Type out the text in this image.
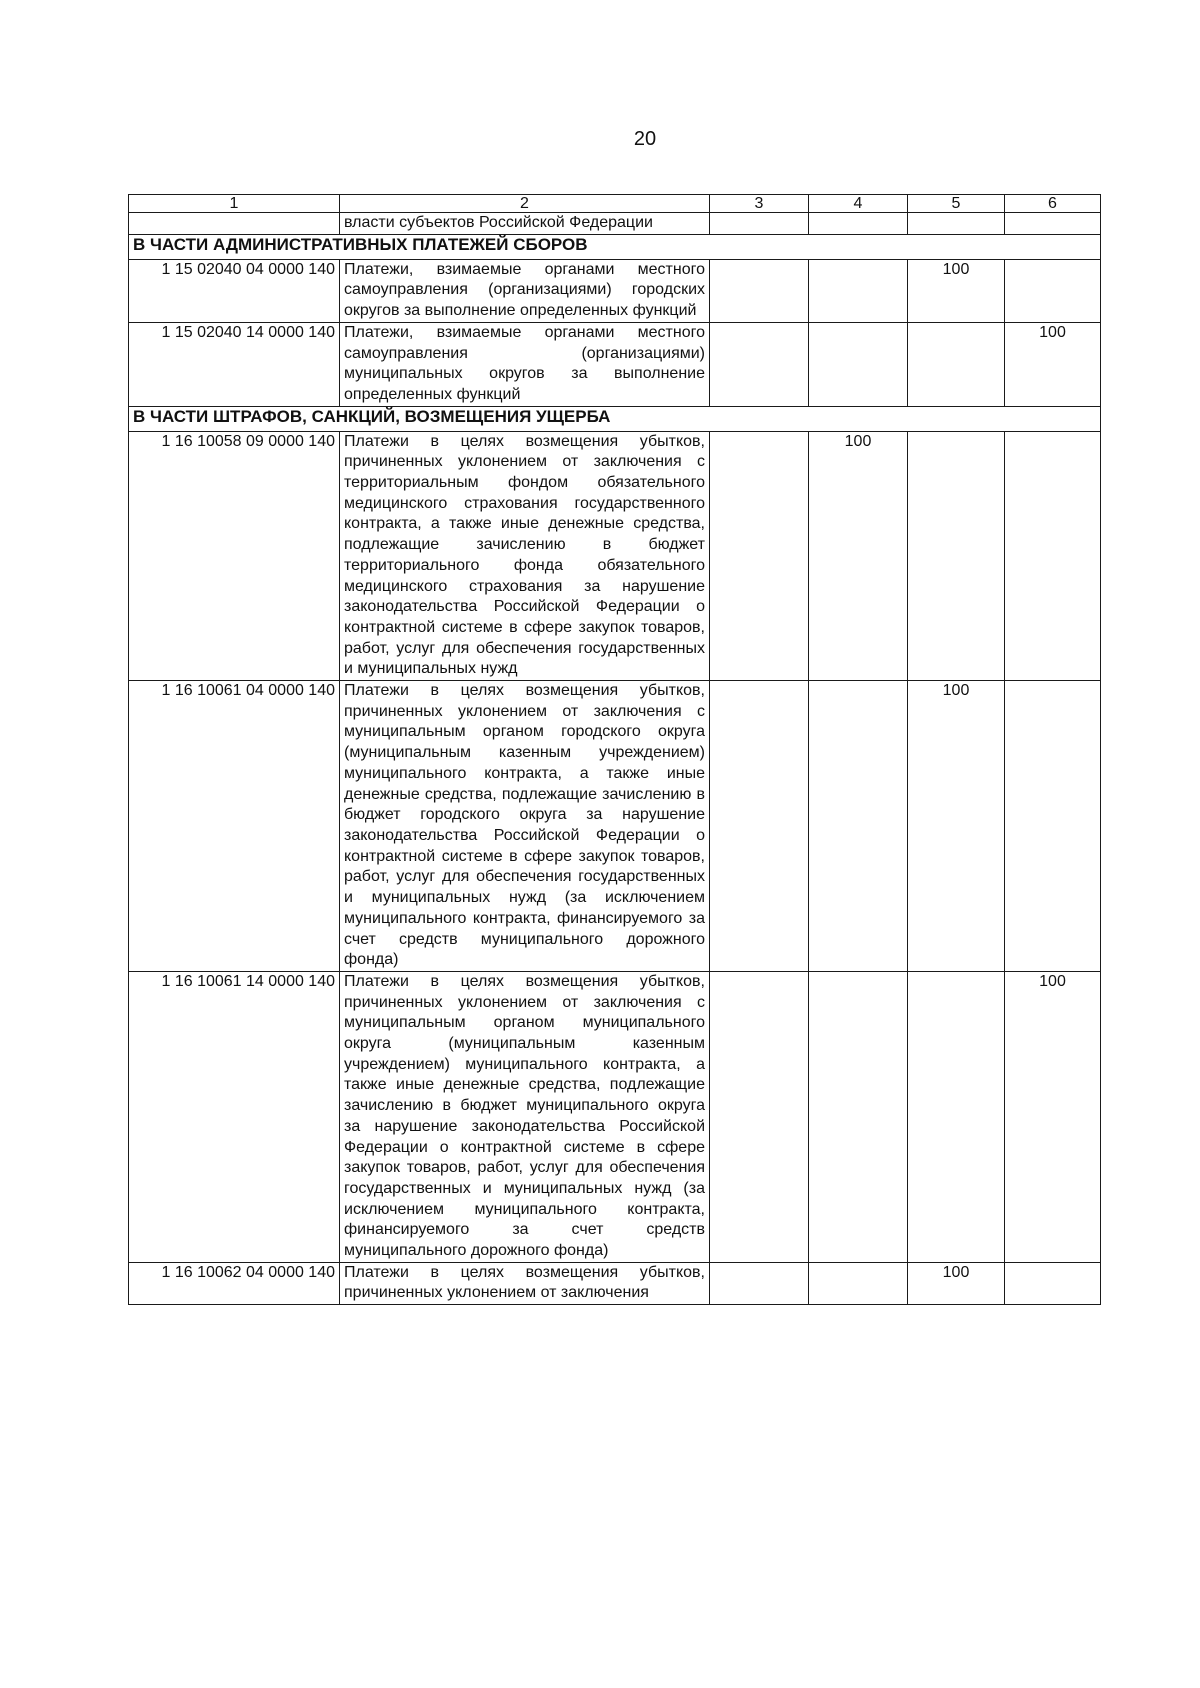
20
1	2	3	4	5	6
	власти субъектов Российской Федерации				
В ЧАСТИ АДМИНИСТРАТИВНЫХ ПЛАТЕЖЕЙ СБОРОВ					
1 15 02040 04 0000 140	Платежи, взимаемые органами местного самоуправления (организациями) городских округов за выполнение определенных функций			100	
1 15 02040 14 0000 140	Платежи, взимаемые органами местного самоуправления (организациями) муниципальных округов за выполнение определенных функций				100
В ЧАСТИ ШТРАФОВ, САНКЦИЙ, ВОЗМЕЩЕНИЯ УЩЕРБА					
1 16 10058 09 0000 140	Платежи в целях возмещения убытков, причиненных уклонением от заключения с территориальным фондом обязательного медицинского страхования государственного контракта, а также иные денежные средства, подлежащие зачислению в бюджет территориального фонда обязательного медицинского страхования за нарушение законодательства Российской Федерации о контрактной системе в сфере закупок товаров, работ, услуг для обеспечения государственных и муниципальных нужд		100		
1 16 10061 04 0000 140	Платежи в целях возмещения убытков, причиненных уклонением от заключения с муниципальным органом городского округа (муниципальным казенным учреждением) муниципального контракта, а также иные денежные средства, подлежащие зачислению в бюджет городского округа за нарушение законодательства Российской Федерации о контрактной системе в сфере закупок товаров, работ, услуг для обеспечения государственных и муниципальных нужд (за исключением муниципального контракта, финансируемого за счет средств муниципального дорожного фонда)			100	
1 16 10061 14 0000 140	Платежи в целях возмещения убытков, причиненных уклонением от заключения с муниципальным органом муниципального округа (муниципальным казенным учреждением) муниципального контракта, а также иные денежные средства, подлежащие зачислению в бюджет муниципального округа за нарушение законодательства Российской Федерации о контрактной системе в сфере закупок товаров, работ, услуг для обеспечения государственных и муниципальных нужд (за исключением муниципального контракта, финансируемого за счет средств муниципального дорожного фонда)				100
1 16 10062 04 0000 140	Платежи в целях возмещения убытков, причиненных уклонением от заключения			100	
